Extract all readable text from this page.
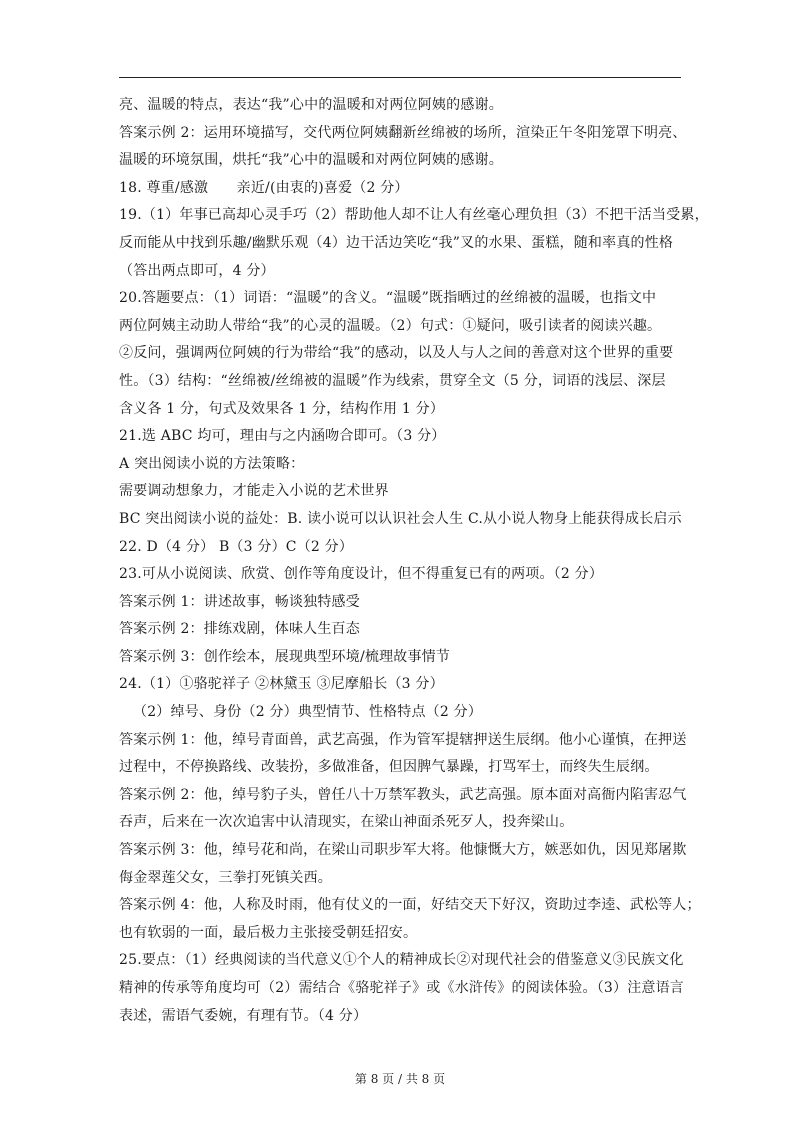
亮、温暖的特点，表达“我”心中的温暖和对两位阿姨的感谢。
答案示例 2：运用环境描写，交代两位阿姨翻新丝绵被的场所，渲染正午冬阳笼罩下明亮、
温暖的环境氛围，烘托“我”心中的温暖和对两位阿姨的感谢。
18. 尊重/感激　　亲近/(由衷的)喜爱（2 分）
19.（1）年事已高却心灵手巧（2）帮助他人却不让人有丝毫心理负担（3）不把干活当受累，
反而能从中找到乐趣/幽默乐观（4）边干活边笑吃“我”叉的水果、蛋糕，随和率真的性格
（答出两点即可，4 分）
20.答题要点：（1）词语：“温暖”的含义。“温暖”既指晒过的丝绵被的温暖，也指文中
两位阿姨主动助人带给“我”的心灵的温暖。（2）句式：①疑问，吸引读者的阅读兴趣。
②反问，强调两位阿姨的行为带给“我”的感动，以及人与人之间的善意对这个世界的重要
性。（3）结构：“丝绵被/丝绵被的温暖”作为线索，贯穿全文（5 分，词语的浅层、深层
含义各 1 分，句式及效果各 1 分，结构作用 1 分）
21.选 ABC 均可，理由与之内涵吻合即可。（3 分）
A 突出阅读小说的方法策略：
需要调动想象力，才能走入小说的艺术世界
BC 突出阅读小说的益处：B. 读小说可以认识社会人生 C.从小说人物身上能获得成长启示
22. D（4 分） B（3 分）C（2 分）
23.可从小说阅读、欣赏、创作等角度设计，但不得重复已有的两项。（2 分）
答案示例 1：讲述故事，畅谈独特感受
答案示例 2：排练戏剧，体味人生百态
答案示例 3：创作绘本，展现典型环境/梳理故事情节
24.（1）①骆驼祥子 ②林黛玉 ③尼摩船长（3 分）
（2）绰号、身份（2 分）典型情节、性格特点（2 分）
答案示例 1：他，绰号青面兽，武艺高强，作为管军提辖押送生辰纲。他小心谨慎，在押送
过程中，不停换路线、改装扮，多做准备，但因脾气暴躁，打骂军士，而终失生辰纲。
答案示例 2：他，绰号豹子头，曾任八十万禁军教头，武艺高强。原本面对高衙内陷害忍气
吞声，后来在一次次追害中认清现实，在梁山神面杀死歹人，投奔梁山。
答案示例 3：他，绰号花和尚，在梁山司职步军大将。他慷慨大方，嫉恶如仇，因见郑屠欺
侮金翠莲父女，三拳打死镇关西。
答案示例 4：他，人称及时雨，他有仗义的一面，好结交天下好汉，资助过李逵、武松等人；
也有软弱的一面，最后极力主张接受朝廷招安。
25.要点：（1）经典阅读的当代意义①个人的精神成长②对现代社会的借鉴意义③民族文化
精神的传承等角度均可（2）需结合《骆驼祥子》或《水浒传》的阅读体验。（3）注意语言
表述，需语气委婉，有理有节。（4 分）
第 8 页 / 共 8 页
